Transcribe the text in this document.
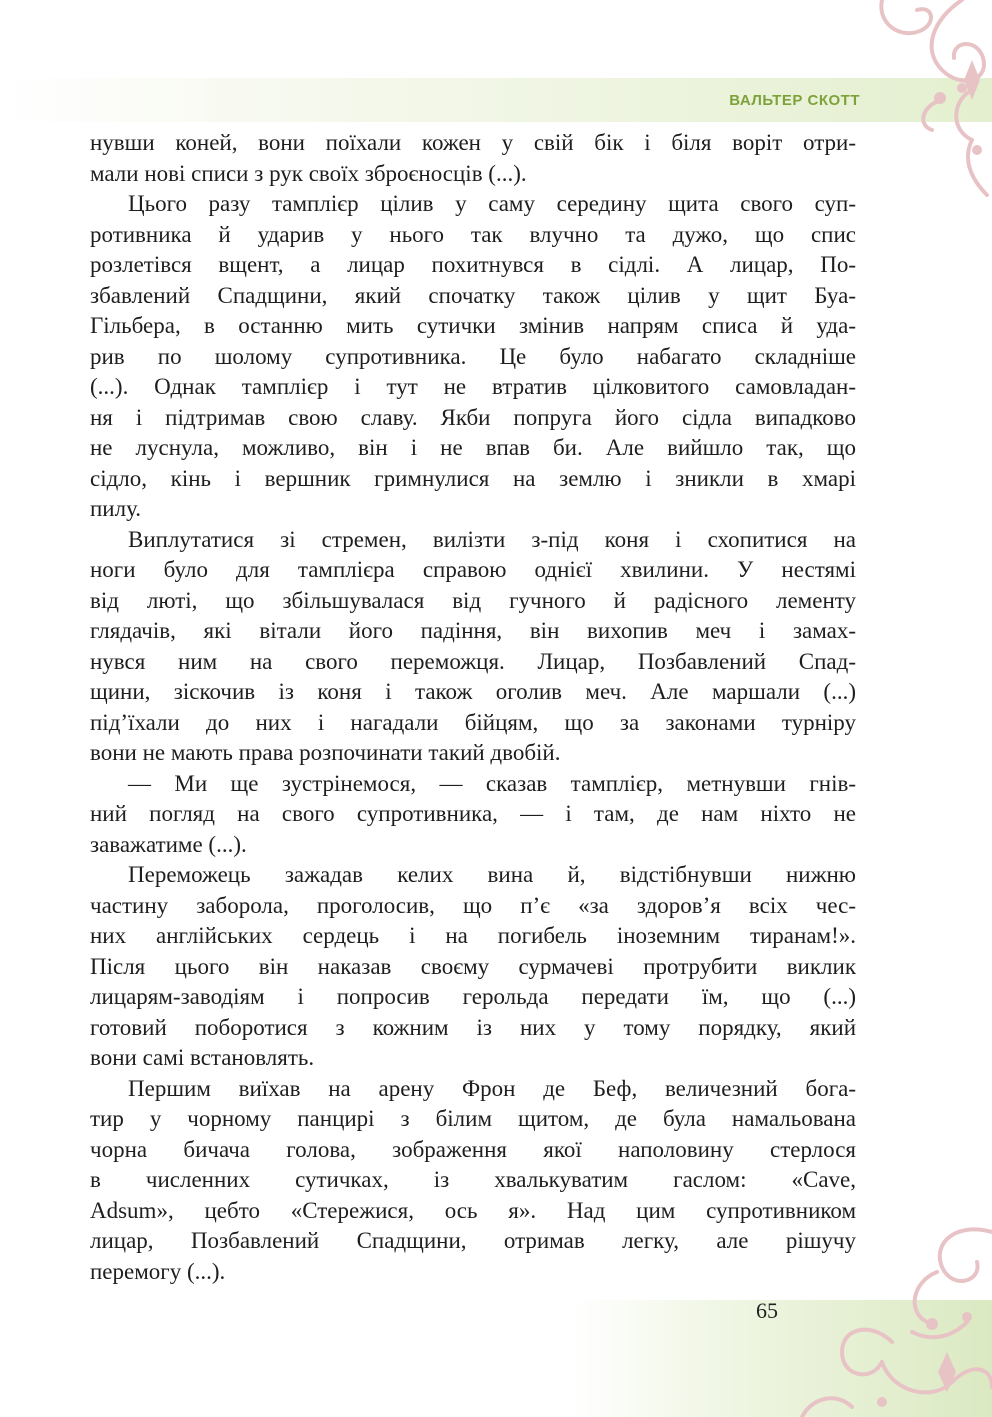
ВАЛЬТЕР СКОТТ
нувши коней, вони поїхали кожен у свій бік і біля воріт отри-
мали нові списи з рук своїх зброєносців (...).
Цього разу тамплієр цілив у саму середину щита свого суп-
ротивника й ударив у нього так влучно та дужо, що спис
розлетівся вщент, а лицар похитнувся в сідлі. А лицар, По-
збавлений Спадщини, який спочатку також цілив у щит Буа-
Гільбера, в останню мить сутички змінив напрям списа й уда-
рив по шолому супротивника. Це було набагато складніше
(...). Однак тамплієр і тут не втратив цілковитого самовладан-
ня і підтримав свою славу. Якби попруга його сідла випадково
не луснула, можливо, він і не впав би. Але вийшло так, що
сідло, кінь і вершник гримнулися на землю і зникли в хмарі
пилу.
Виплутатися зі стремен, вилізти з-під коня і схопитися на
ноги було для тамплієра справою однієї хвилини. У нестямі
від люті, що збільшувалася від гучного й радісного лементу
глядачів, які вітали його падіння, він вихопив меч і замах-
нувся ним на свого переможця. Лицар, Позбавлений Спад-
щини, зіскочив із коня і також оголив меч. Але маршали (...)
під’їхали до них і нагадали бійцям, що за законами турніру
вони не мають права розпочинати такий двобій.
— Ми ще зустрінемося, — сказав тамплієр, метнувши гнів-
ний погляд на свого супротивника, — і там, де нам ніхто не
заважатиме (...).
Переможець зажадав келих вина й, відстібнувши нижню
частину заборола, проголосив, що п’є «за здоров’я всіх чес-
них англійських сердець і на погибель іноземним тиранам!».
Після цього він наказав своєму сурмачеві протрубити виклик
лицарям-заводіям і попросив герольда передати їм, що (...)
готовий поборотися з кожним із них у тому порядку, який
вони самі встановлять.
Першим виїхав на арену Фрон де Беф, величезний бога-
тир у чорному панцирі з білим щитом, де була намальована
чорна бичача голова, зображення якої наполовину стерлося
в численних сутичках, із хвалькуватим гаслом: «Cave,
Adsum», цебто «Стережися, ось я». Над цим супротивником
лицар, Позбавлений Спадщини, отримав легку, але рішучу
перемогу (...).
65
